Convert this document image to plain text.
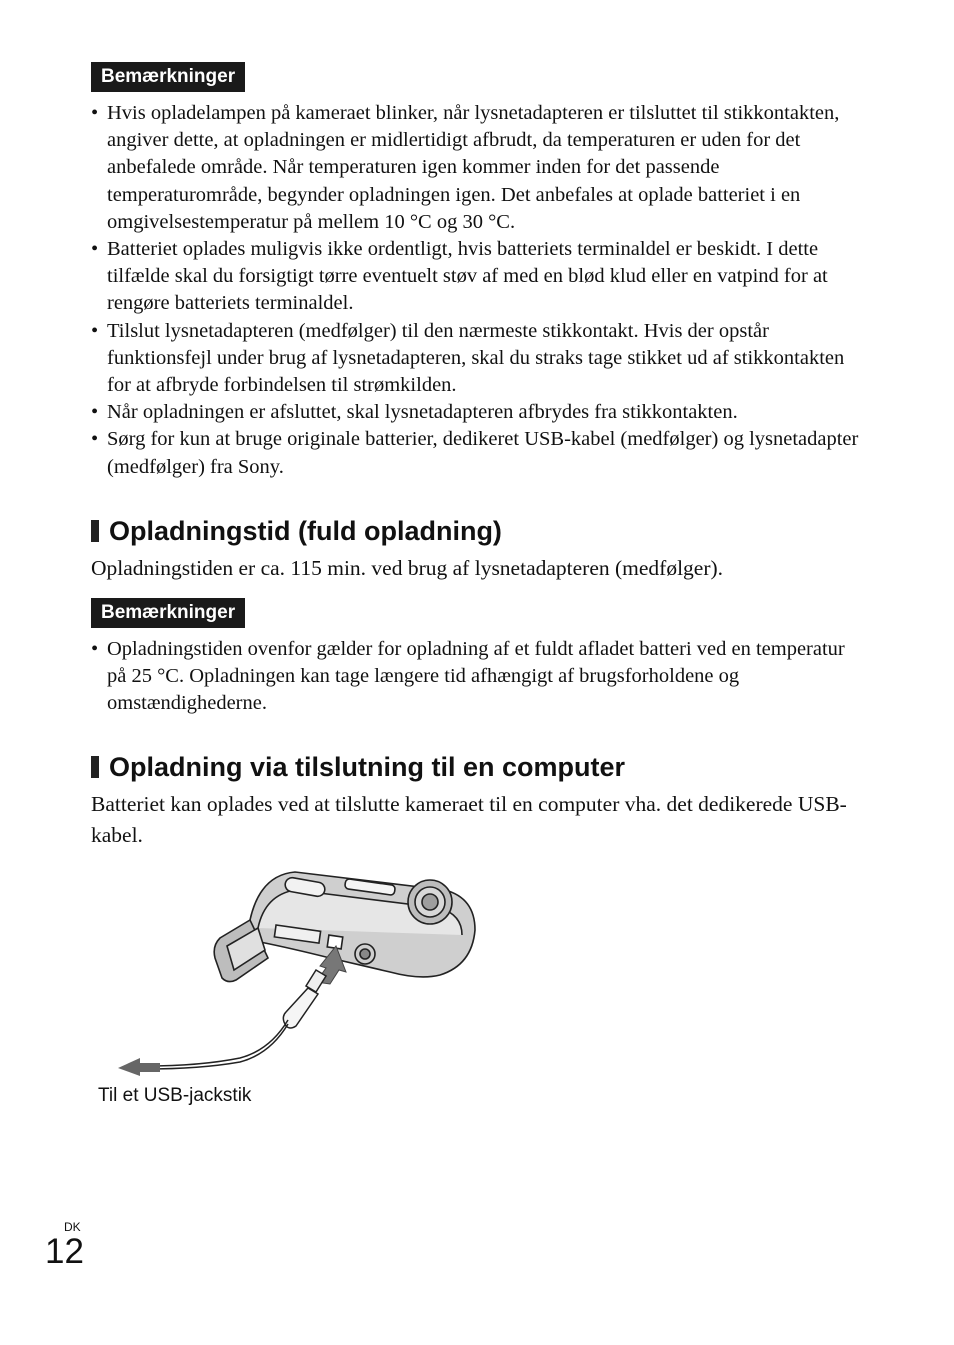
Bemærkninger
• Hvis opladelampen på kameraet blinker, når lysnetadapteren er tilsluttet til stikkontakten, angiver dette, at opladningen er midlertidigt afbrudt, da temperaturen er uden for det anbefalede område. Når temperaturen igen kommer inden for det passende temperaturområde, begynder opladningen igen. Det anbefales at oplade batteriet i en omgivelsestemperatur på mellem 10 °C og 30 °C.
• Batteriet oplades muligvis ikke ordentligt, hvis batteriets terminaldel er beskidt. I dette tilfælde skal du forsigtigt tørre eventuelt støv af med en blød klud eller en vatpind for at rengøre batteriets terminaldel.
• Tilslut lysnetadapteren (medfølger) til den nærmeste stikkontakt. Hvis der opstår funktionsfejl under brug af lysnetadapteren, skal du straks tage stikket ud af stikkontakten for at afbryde forbindelsen til strømkilden.
• Når opladningen er afsluttet, skal lysnetadapteren afbrydes fra stikkontakten.
• Sørg for kun at bruge originale batterier, dedikeret USB-kabel (medfølger) og lysnetadapter (medfølger) fra Sony.
Opladningstid (fuld opladning)

Opladningstiden er ca. 115 min. ved brug af lysnetadapteren (medfølger).

Bemærkninger
• Opladningstiden ovenfor gælder for opladning af et fuldt afladet batteri ved en temperatur på 25 °C. Opladningen kan tage længere tid afhængigt af brugsforholdene og omstændighederne.
Opladning via tilslutning til en computer

Batteriet kan oplades ved at tilslutte kameraet til en computer vha. det dedikerede USB-kabel.

Til et USB-jackstik
DK
12
